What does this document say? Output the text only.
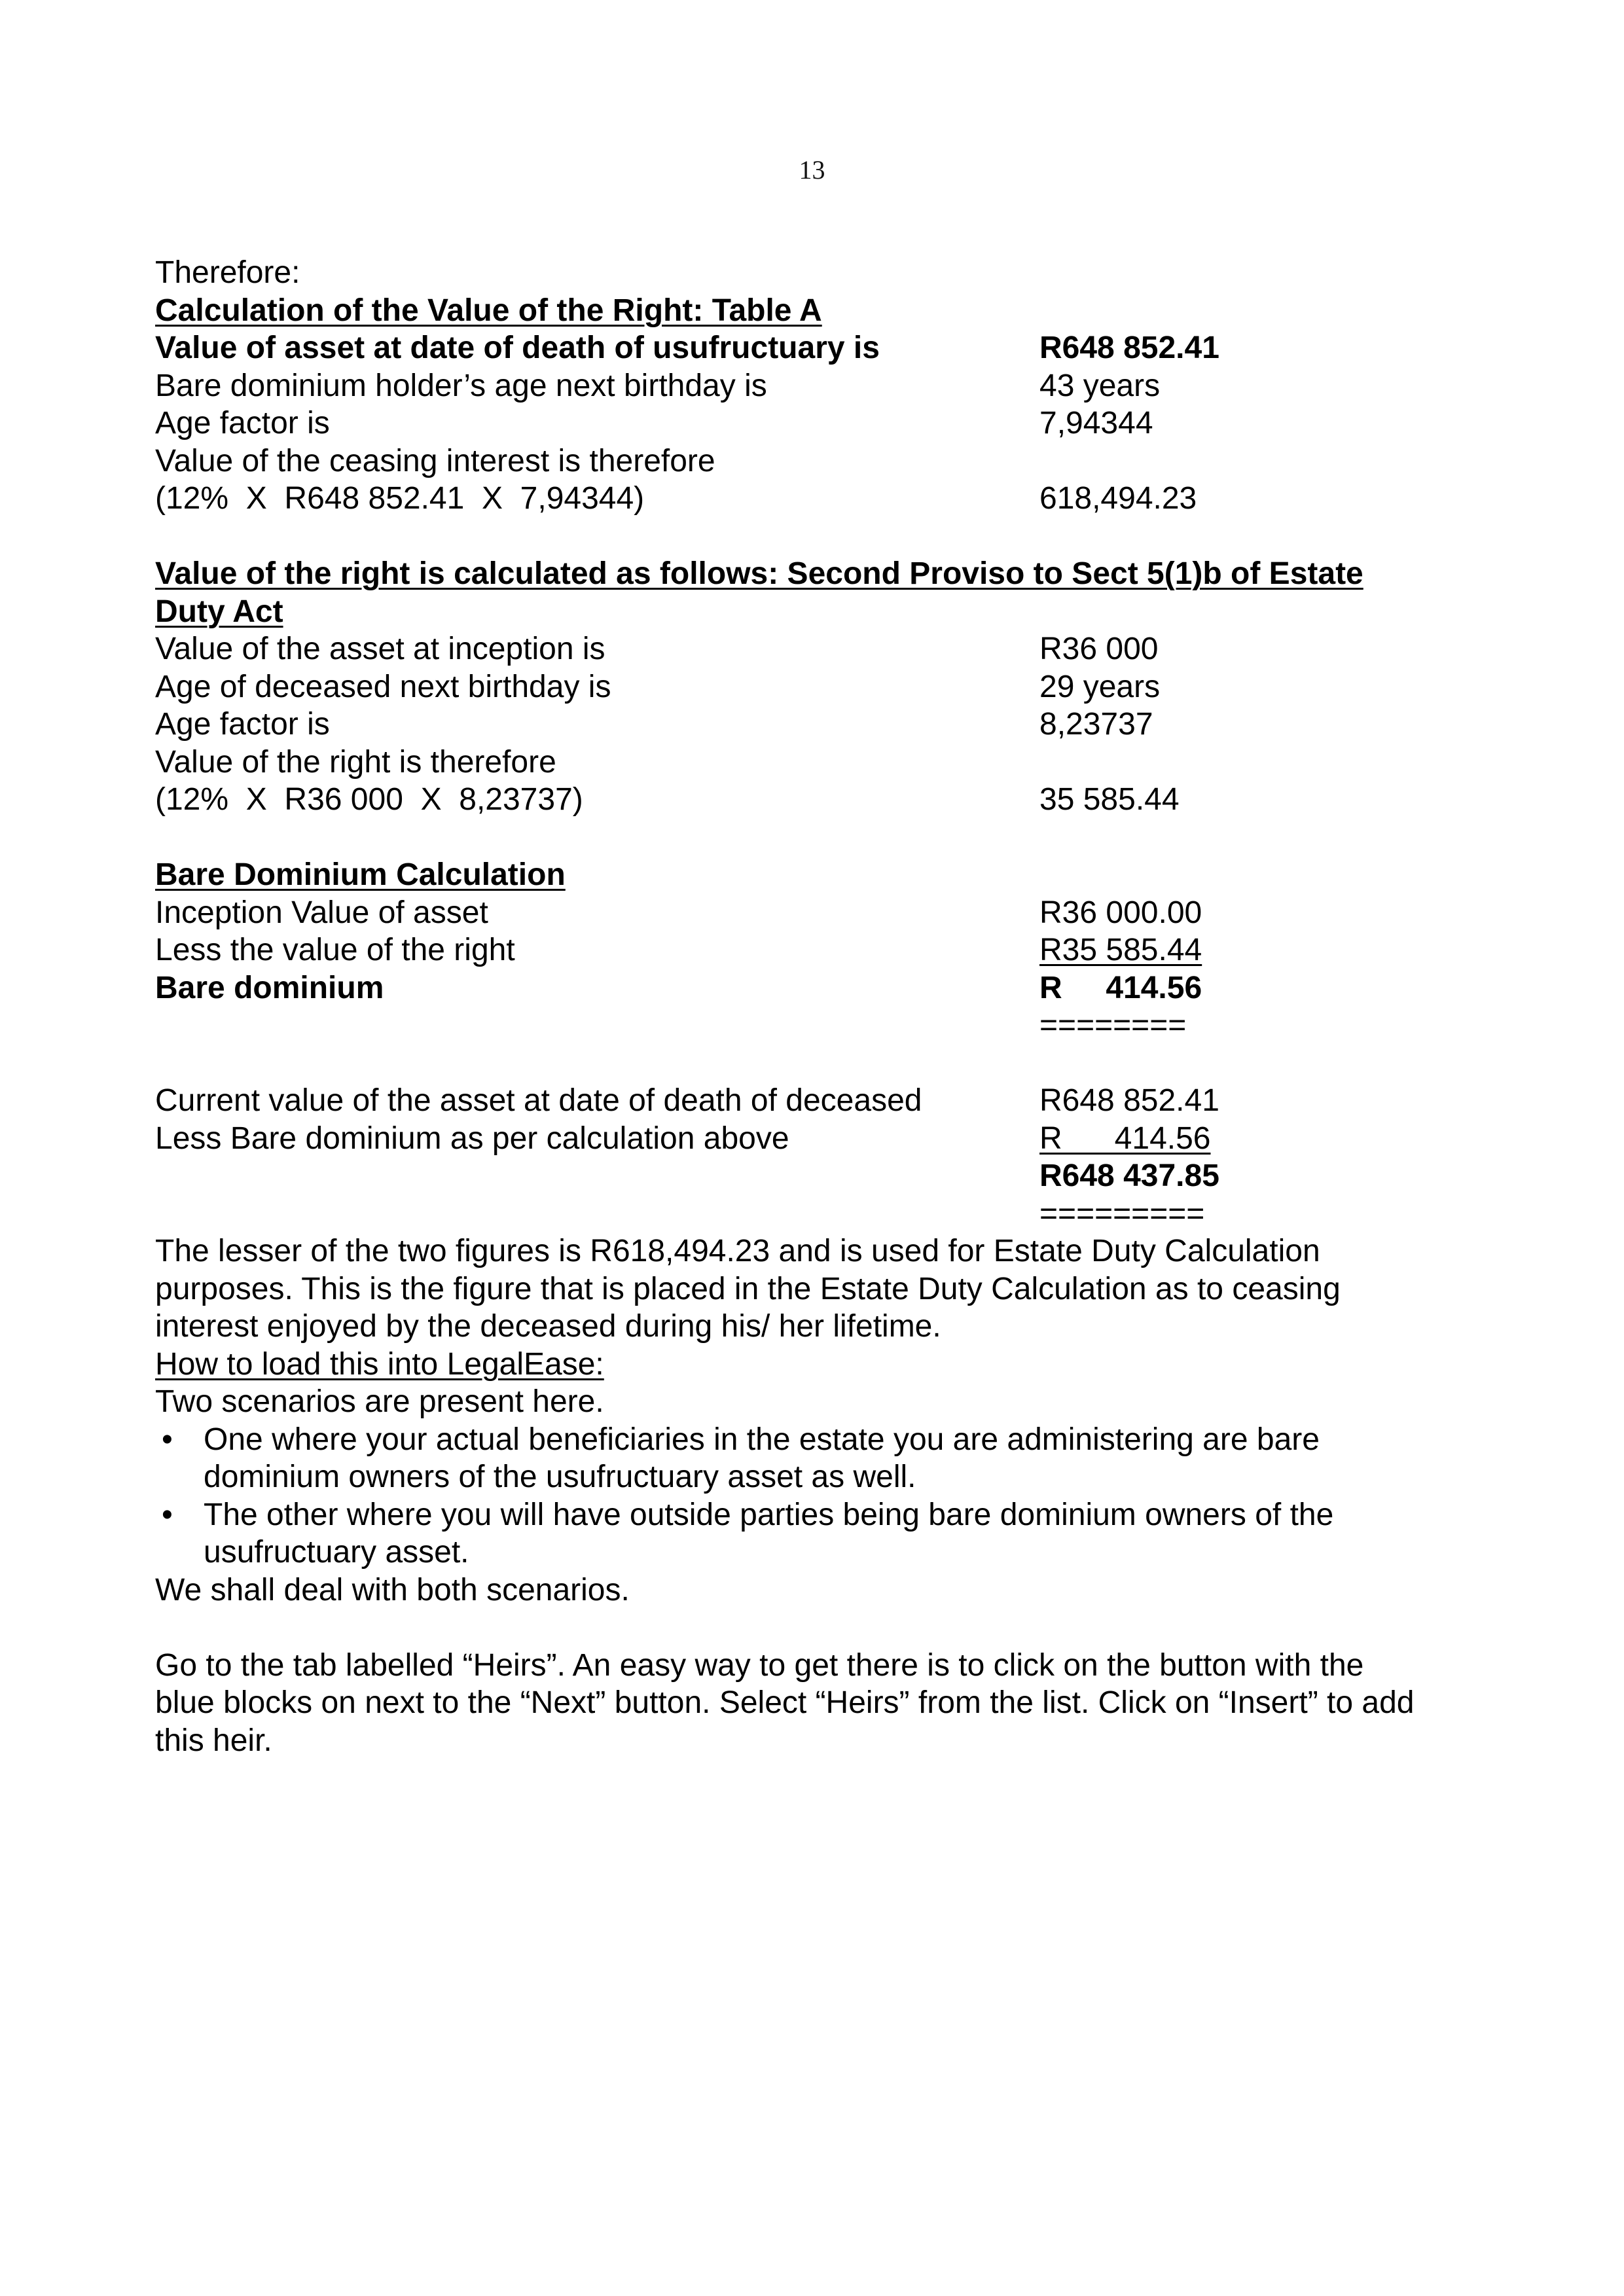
13
Therefore:
Calculation of the Value of the Right: Table A
Value of asset at date of death of usufructuary is	R648 852.41
Bare dominium holder’s age next birthday is	43 years
Age factor is	7,94344
Value of the ceasing interest is therefore
(12%  X  R648 852.41  X  7,94344)	618,494.23
Value of the right is calculated as follows: Second Proviso to Sect 5(1)b of Estate
Duty Act
Value of the asset at inception is	R36 000
Age of deceased next birthday is	29 years
Age factor is	8,23737
Value of the right is therefore
(12%  X  R36 000  X  8,23737)	35 585.44
Bare Dominium Calculation
Inception Value of asset	R36 000.00
Less the value of the right	R35 585.44
Bare dominium	R     414.56
========
Current value of the asset at date of death of deceased	R648 852.41
Less Bare dominium as per calculation above	R      414.56
R648 437.85
=========
The lesser of the two figures is R618,494.23 and is used for Estate Duty Calculation
purposes. This is the figure that is placed in the Estate Duty Calculation as to ceasing
interest enjoyed by the deceased during his/ her lifetime.
How to load this into LegalEase:
Two scenarios are present here.
• One where your actual beneficiaries in the estate you are administering are bare
dominium owners of the usufructuary asset as well.
• The other where you will have outside parties being bare dominium owners of the
usufructuary asset.
We shall deal with both scenarios.
Go to the tab labelled “Heirs”. An easy way to get there is to click on the button with the
blue blocks on next to the “Next” button. Select “Heirs” from the list. Click on “Insert” to add
this heir.
